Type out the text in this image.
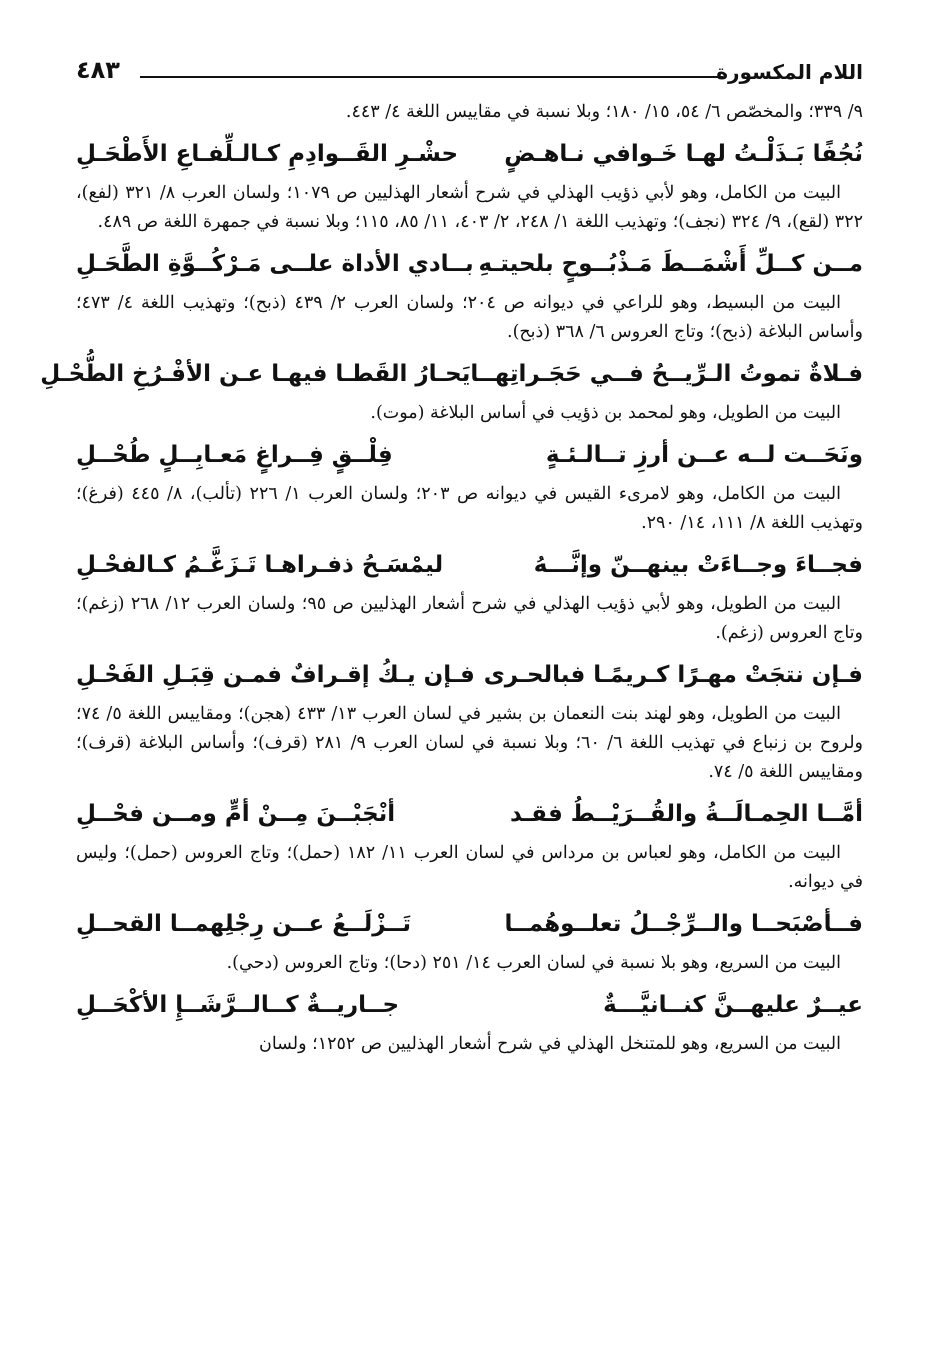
اللام المكسورة
٤٨٣

٩/ ٣٣٩؛ والمخصّص ٦/ ٥٤، ١٥/ ١٨٠؛ وبلا نسبة في مقاييس اللغة ٤/ ٤٤٣.

نُجُفًا بَـذَلْـتُ لهـا خَـوافي نـاهـضٍ
حشْـرِ القَــوادِمِ كـالـلِّفـاعِ الأَطْحَـلِ

البيت من الكامل، وهو لأبي ذؤيب الهذلي في شرح أشعار الهذليين ص ١٠٧٩؛ ولسان العرب ٨/ ٣٢١ (لفع)، ٣٢٢ (لقع)، ٩/ ٣٢٤ (نجف)؛ وتهذيب اللغة ١/ ٢٤٨، ٢/ ٤٠٣، ١١/ ٨٥، ١١٥؛ وبلا نسبة في جمهرة اللغة ص ٤٨٩.

مــن كــلِّ أَشْمَــطَ مَـذْبُــوحٍ بلحيتـهِ
بــادي الأداة علــى مَـرْكُــوَّةِ الطَّحَـلِ

البيت من البسيط، وهو للراعي في ديوانه ص ٢٠٤؛ ولسان العرب ٢/ ٤٣٩ (ذبح)؛ وتهذيب اللغة ٤/ ٤٧٣؛ وأساس البلاغة (ذبح)؛ وتاج العروس ٦/ ٣٦٨ (ذبح).

فـلاةٌ تموتُ الـرِّيــحُ فــي حَجَـراتِهــا
يَحـارُ القَطـا فيهـا عـن الأفْـرُخِ الطُّحْـلِ

البيت من الطويل، وهو لمحمد بن ذؤيب في أساس البلاغة (موت).

ونَحَــت لــه عــن أرزِ تــالـئـةٍ
فِلْــقٍ فِــراغٍ مَعـابِــلٍ طُحْــلِ

البيت من الكامل، وهو لامرىء القيس في ديوانه ص ٢٠٣؛ ولسان العرب ١/ ٢٢٦ (تألب)، ٨/ ٤٤٥ (فرغ)؛ وتهذيب اللغة ٨/ ١١١، ١٤/ ٢٩٠.

فجــاءَ وجــاءَتْ بينهــنّ وإنَّـــهُ
ليمْسَـحُ ذفـراهـا تَـزَغَّـمُ كـالفحْـلِ

البيت من الطويل، وهو لأبي ذؤيب الهذلي في شرح أشعار الهذليين ص ٩٥؛ ولسان العرب ١٢/ ٢٦٨ (زغم)؛ وتاج العروس (زغم).

فـإن نتجَتْ مهـرًا كـريمًـا فبالحـرى
فـإن يـكُ إقـرافٌ فمـن قِبَـلِ الفَحْـلِ

البيت من الطويل، وهو لهند بنت النعمان بن بشير في لسان العرب ١٣/ ٤٣٣ (هجن)؛ ومقاييس اللغة ٥/ ٧٤؛ ولروح بن زنباع في تهذيب اللغة ٦/ ٦٠؛ وبلا نسبة في لسان العرب ٩/ ٢٨١ (قرف)؛ وأساس البلاغة (قرف)؛ ومقاييس اللغة ٥/ ٧٤.

أمَّــا الحِمـالَــةُ والقُــرَيْــطُ فقـد
أنْجَبْــنَ مِــنْ أمٍّ ومــن فحْــلِ

البيت من الكامل، وهو لعباس بن مرداس في لسان العرب ١١/ ١٨٢ (حمل)؛ وتاج العروس (حمل)؛ وليس في ديوانه.

فــأصْبَحــا والــرِّجْــلُ تعلــوهُمــا
تَــزْلَــعُ عــن رِجْلِهمــا القحــلِ

البيت من السريع، وهو بلا نسبة في لسان العرب ١٤/ ٢٥١ (دحا)؛ وتاج العروس (دحي).

عيــرٌ عليهــنَّ كنــانيَّـــةٌ
جــاريــةٌ كــالــرَّشَــإِ الأكْحَــلِ

البيت من السريع، وهو للمتنخل الهذلي في شرح أشعار الهذليين ص ١٢٥٢؛ ولسان
